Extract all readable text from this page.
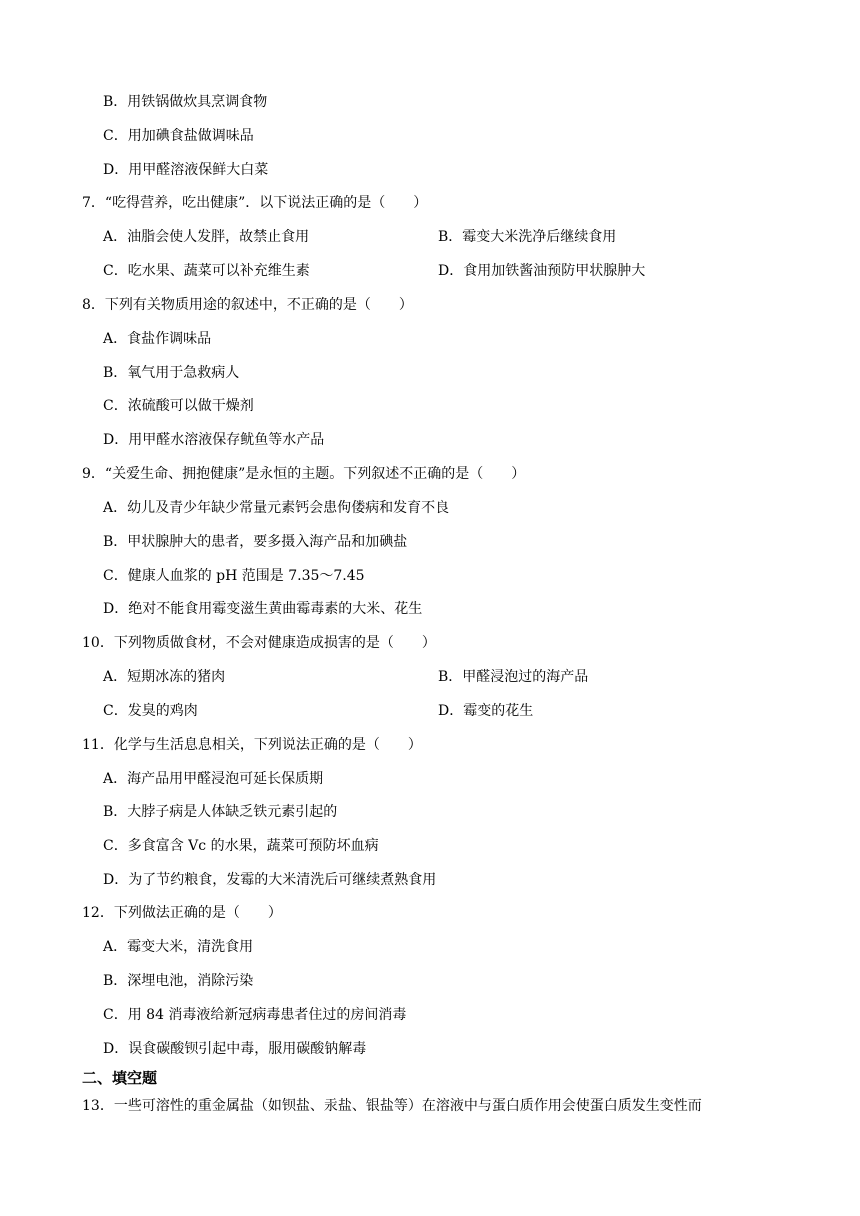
B．用铁锅做炊具烹调食物
C．用加碘食盐做调味品
D．用甲醛溶液保鲜大白菜
7．“吃得营养，吃出健康”．以下说法正确的是（　　）
A．油脂会使人发胖，故禁止食用	B．霉变大米洗净后继续食用
C．吃水果、蔬菜可以补充维生素	D．食用加铁酱油预防甲状腺肿大
8．下列有关物质用途的叙述中，不正确的是（　　）
A．食盐作调味品
B．氧气用于急救病人
C．浓硫酸可以做干燥剂
D．用甲醛水溶液保存鱿鱼等水产品
9．“关爱生命、拥抱健康”是永恒的主题。下列叙述不正确的是（　　）
A．幼儿及青少年缺少常量元素钙会患佝偻病和发育不良
B．甲状腺肿大的患者，要多摄入海产品和加碘盐
C．健康人血浆的 pH 范围是 7.35～7.45
D．绝对不能食用霉变滋生黄曲霉毒素的大米、花生
10．下列物质做食材，不会对健康造成损害的是（　　）
A．短期冰冻的猪肉	B．甲醛浸泡过的海产品
C．发臭的鸡肉	D．霉变的花生
11．化学与生活息息相关，下列说法正确的是（　　）
A．海产品用甲醛浸泡可延长保质期
B．大脖子病是人体缺乏铁元素引起的
C．多食富含 Vc 的水果，蔬菜可预防坏血病
D．为了节约粮食，发霉的大米清洗后可继续煮熟食用
12．下列做法正确的是（　　）
A．霉变大米，清洗食用
B．深埋电池，消除污染
C．用 84 消毒液给新冠病毒患者住过的房间消毒
D．误食碳酸钡引起中毒，服用碳酸钠解毒
二、填空题
13．一些可溶性的重金属盐（如钡盐、汞盐、银盐等）在溶液中与蛋白质作用会使蛋白质发生变性而
